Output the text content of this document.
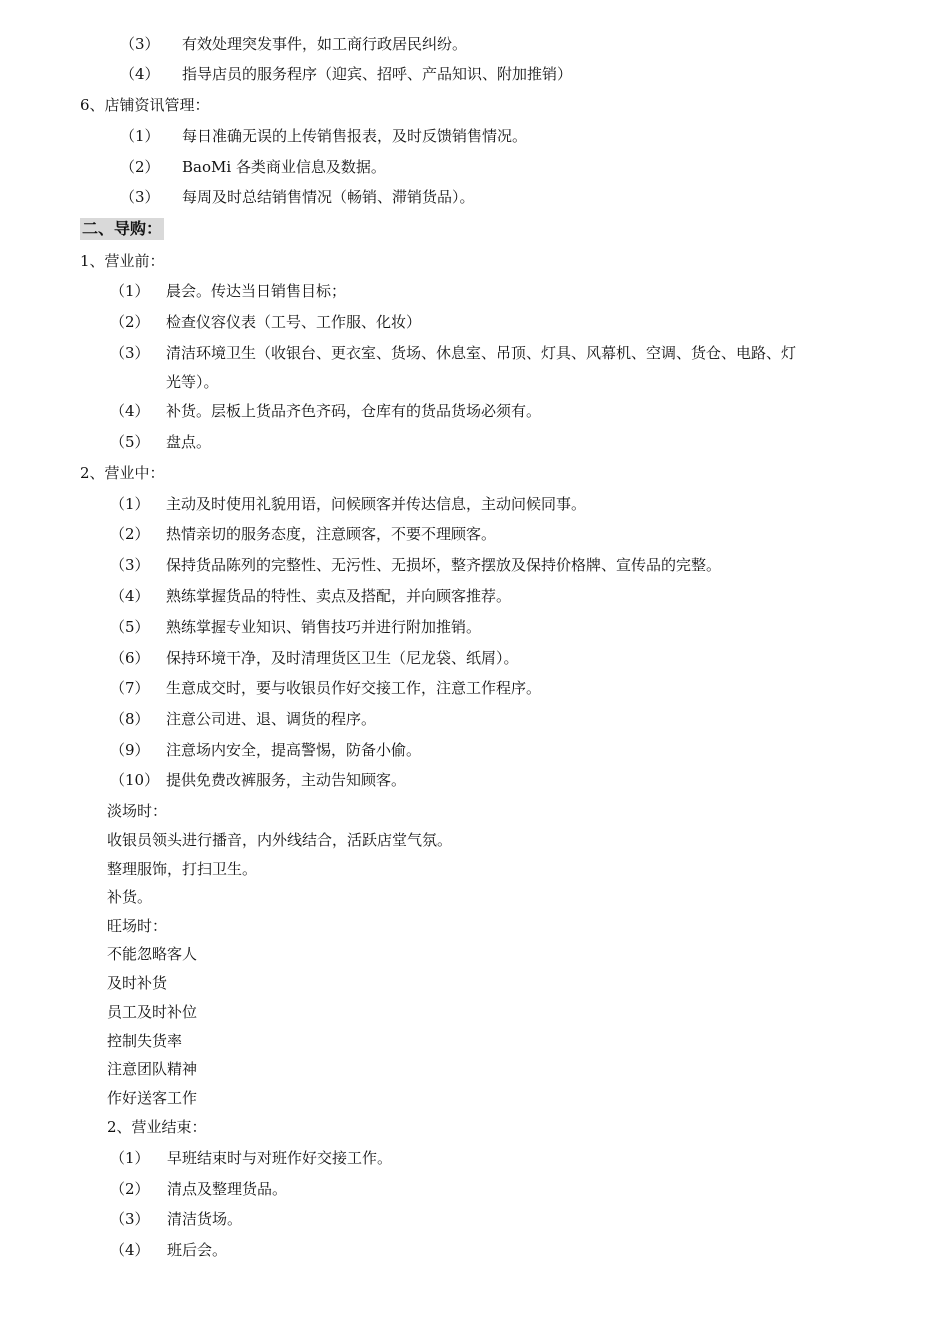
（3） 有效处理突发事件，如工商行政居民纠纷。
（4） 指导店员的服务程序（迎宾、招呼、产品知识、附加推销）
6、店铺资讯管理：
（1） 每日准确无误的上传销售报表，及时反馈销售情况。
（2） BaoMi 各类商业信息及数据。
（3） 每周及时总结销售情况（畅销、滞销货品）。
二、导购：
1、营业前：
（1） 晨会。传达当日销售目标；
（2） 检查仪容仪表（工号、工作服、化妆）
（3） 清洁环境卫生（收银台、更衣室、货场、休息室、吊顶、灯具、风幕机、空调、货仓、电路、灯
光等）。
（4） 补货。层板上货品齐色齐码，仓库有的货品货场必须有。
（5） 盘点。
2、营业中：
（1） 主动及时使用礼貌用语，问候顾客并传达信息，主动问候同事。
（2） 热情亲切的服务态度，注意顾客，不要不理顾客。
（3） 保持货品陈列的完整性、无污性、无损坏，整齐摆放及保持价格牌、宣传品的完整。
（4） 熟练掌握货品的特性、卖点及搭配，并向顾客推荐。
（5） 熟练掌握专业知识、销售技巧并进行附加推销。
（6） 保持环境干净，及时清理货区卫生（尼龙袋、纸屑）。
（7） 生意成交时，要与收银员作好交接工作，注意工作程序。
（8） 注意公司进、退、调货的程序。
（9） 注意场内安全，提高警惕，防备小偷。
（10） 提供免费改裤服务，主动告知顾客。
淡场时：
收银员领头进行播音，内外线结合，活跃店堂气氛。
整理服饰，打扫卫生。
补货。
旺场时：
不能忽略客人
及时补货
员工及时补位
控制失货率
注意团队精神
作好送客工作
2、营业结束：
（1） 早班结束时与对班作好交接工作。
（2） 清点及整理货品。
（3） 清洁货场。
（4） 班后会。
